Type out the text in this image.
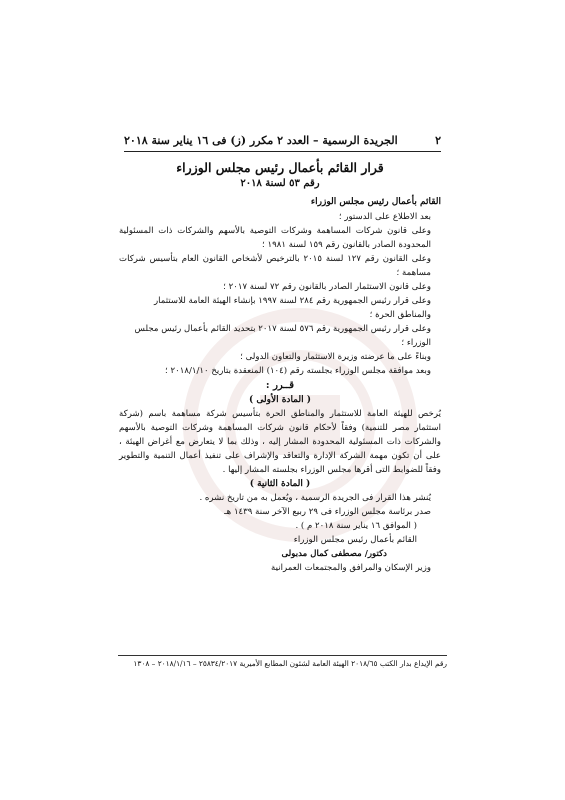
٢
الجريدة الرسمية – العدد ٢ مكرر (ز) فى ١٦ يناير سنة ٢٠١٨
قرار القائم بأعمال رئيس مجلس الوزراء
رقم ٥٣ لسنة ٢٠١٨
القائم بأعمال رئيس مجلس الوزراء

بعد الاطلاع على الدستور ؛

وعلى قانون شركات المساهمة وشركات التوصية بالأسهم والشركات ذات المسئولية المحدودة الصادر بالقانون رقم ١٥٩ لسنة ١٩٨١ ؛

وعلى القانون رقم ١٢٧ لسنة ٢٠١٥ بالترخيص لأشخاص القانون العام بتأسيس شركات مساهمة ؛

وعلى قانون الاستثمار الصادر بالقانون رقم ٧٢ لسنة ٢٠١٧ ؛

وعلى قرار رئيس الجمهورية رقم ٢٨٤ لسنة ١٩٩٧ بإنشاء الهيئة العامة للاستثمار والمناطق الحرة ؛

وعلى قرار رئيس الجمهورية رقم ٥٧٦ لسنة ٢٠١٧ بتحديد القائم بأعمال رئيس مجلس الوزراء ؛

وبناءً على ما عرضته وزيرة الاستثمار والتعاون الدولى ؛

وبعد موافقة مجلس الوزراء بجلسته رقم (١٠٤) المنعقدة بتاريخ ٢٠١٨/١/١٠ ؛

قــرر :
( المادة الأولى )

يُرخص للهيئة العامة للاستثمار والمناطق الحرة بتأسيس شركة مساهمة باسم (شركة استثمار مصر للتنمية) وفقاً لأحكام قانون شركات المساهمة وشركات التوصية بالأسهم والشركات ذات المسئولية المحدودة المشار إليه ، وذلك بما لا يتعارض مع أغراض الهيئة ، على أن تكون مهمة الشركة الإدارة والتعاقد والإشراف على تنفيذ أعمال التنمية والتطوير وفقاً للضوابط التى أقرها مجلس الوزراء بجلسته المشار إليها .

( المادة الثانية )

يُنشر هذا القرار فى الجريدة الرسمية ، ويُعمل به من تاريخ نشره .

صدر برئاسة مجلس الوزراء فى ٢٩ ربيع الآخر سنة ١٤٣٩ هـ

( الموافق ١٦ يناير سنة ٢٠١٨ م ) .

القائم بأعمال رئيس مجلس الوزراء

دكتور/ مصطفى كمال مدبولى

وزير الإسكان والمرافق والمجتمعات العمرانية

رقم الإيداع بدار الكتب ٢٠١٨/٦٥ الهيئة العامة لشئون المطابع الأميرية ٢٥٨٣٤/٢٠١٧ – ٢٠١٨/١/١٦ – ١٣٠٨
